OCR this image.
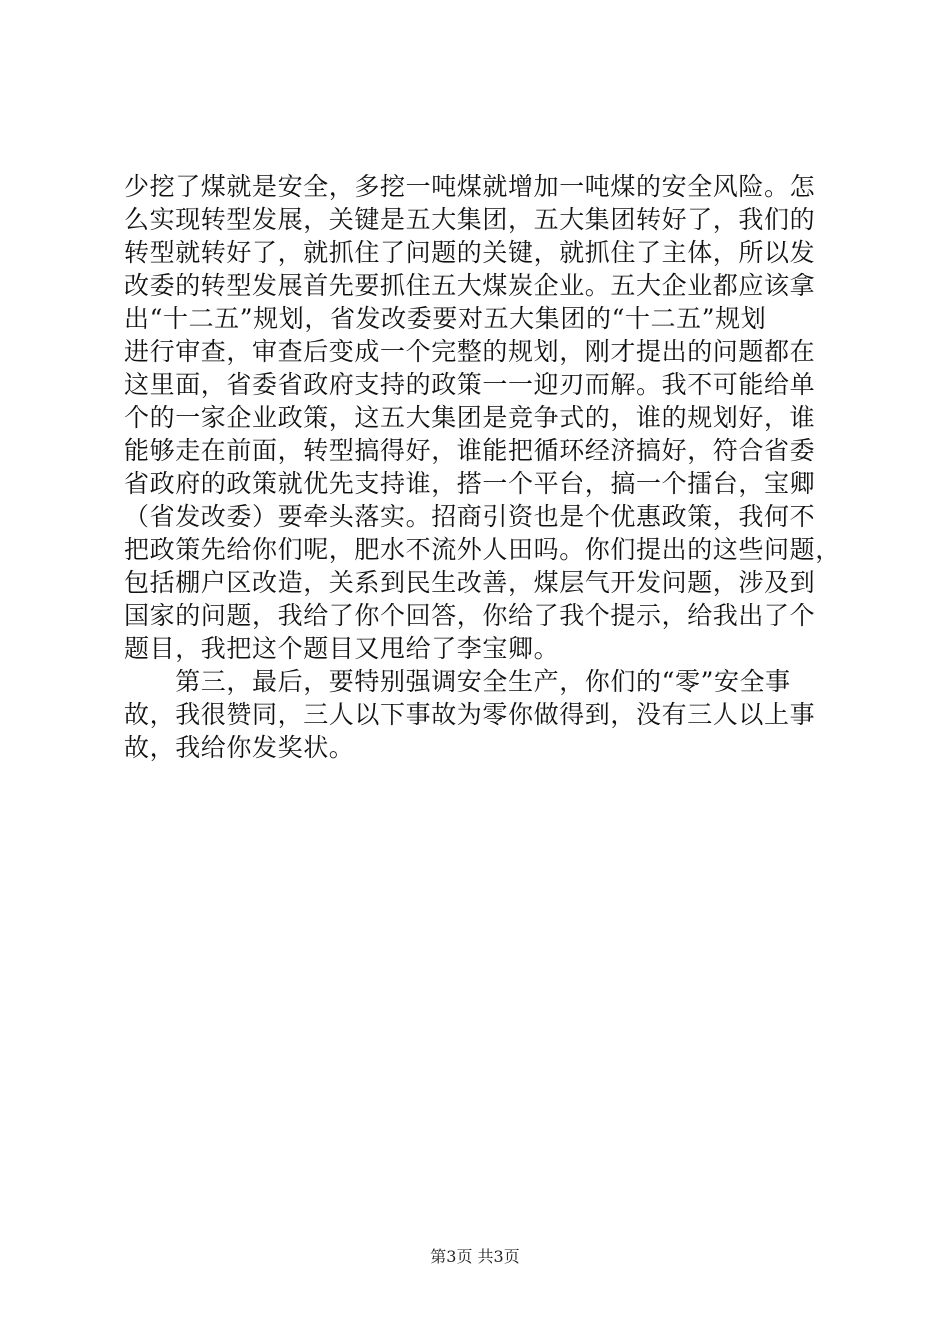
少挖了煤就是安全，多挖一吨煤就增加一吨煤的安全风险。怎
么实现转型发展，关键是五大集团，五大集团转好了，我们的
转型就转好了，就抓住了问题的关键，就抓住了主体，所以发
改委的转型发展首先要抓住五大煤炭企业。五大企业都应该拿
出“十二五”规划，省发改委要对五大集团的“十二五”规划
进行审查，审查后变成一个完整的规划，刚才提出的问题都在
这里面，省委省政府支持的政策一一迎刃而解。我不可能给单
个的一家企业政策，这五大集团是竞争式的，谁的规划好，谁
能够走在前面，转型搞得好，谁能把循环经济搞好，符合省委
省政府的政策就优先支持谁，搭一个平台，搞一个擂台，宝卿
（省发改委）要牵头落实。招商引资也是个优惠政策，我何不
把政策先给你们呢，肥水不流外人田吗。你们提出的这些问题，
包括棚户区改造，关系到民生改善，煤层气开发问题，涉及到
国家的问题，我给了你个回答，你给了我个提示，给我出了个
题目，我把这个题目又甩给了李宝卿。
　　第三，最后，要特别强调安全生产，你们的“零”安全事
故，我很赞同，三人以下事故为零你做得到，没有三人以上事
故，我给你发奖状。
第3页 共3页
